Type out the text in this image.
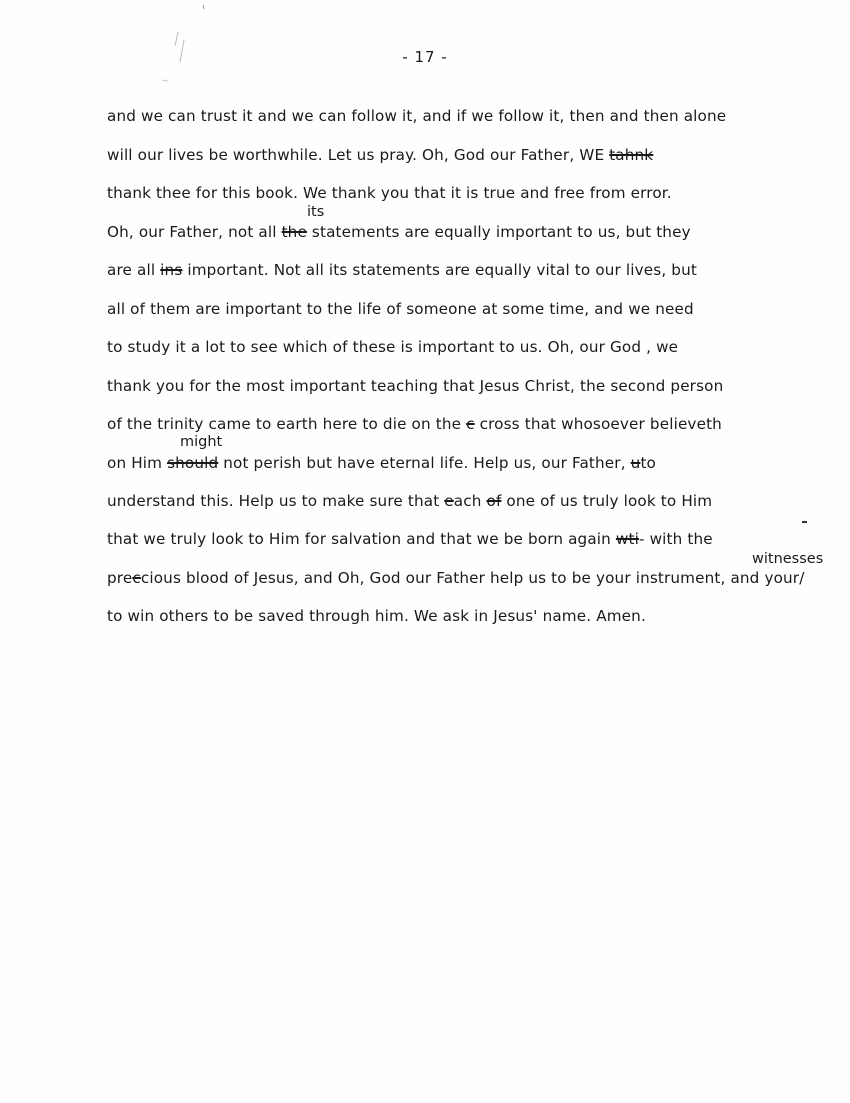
- 17 -
and we can trust it and we can follow it, and if we follow it, then and then alone
will our lives be worthwhile. Let us pray. Oh, God our Father, WE tahnk
thank thee for this book. We thank you that it is true and free from error.
its
Oh, our Father, not all the statements are equally important to us, but they
are all ins important. Not all its statements are equally vital to our lives, but
all of them are important to the life of someone at some time, and we need
to study it a lot to see which of these is important to us. Oh, our God , we
thank you for the most important teaching that Jesus Christ, the second person
of the trinity came to earth here to die on the c cross that whosoever believeth
might
on Him should not perish but have eternal life. Help us, our Father, uto
understand this. Help us to make sure that each of one of us truly look to Him
that we truly look to Him for salvation and that we be born again wti- with the
witnesses
preccious blood of Jesus, and Oh, God our Father help us to be your instrument, and your/
to win others to be saved through him. We ask in Jesus' name. Amen.
